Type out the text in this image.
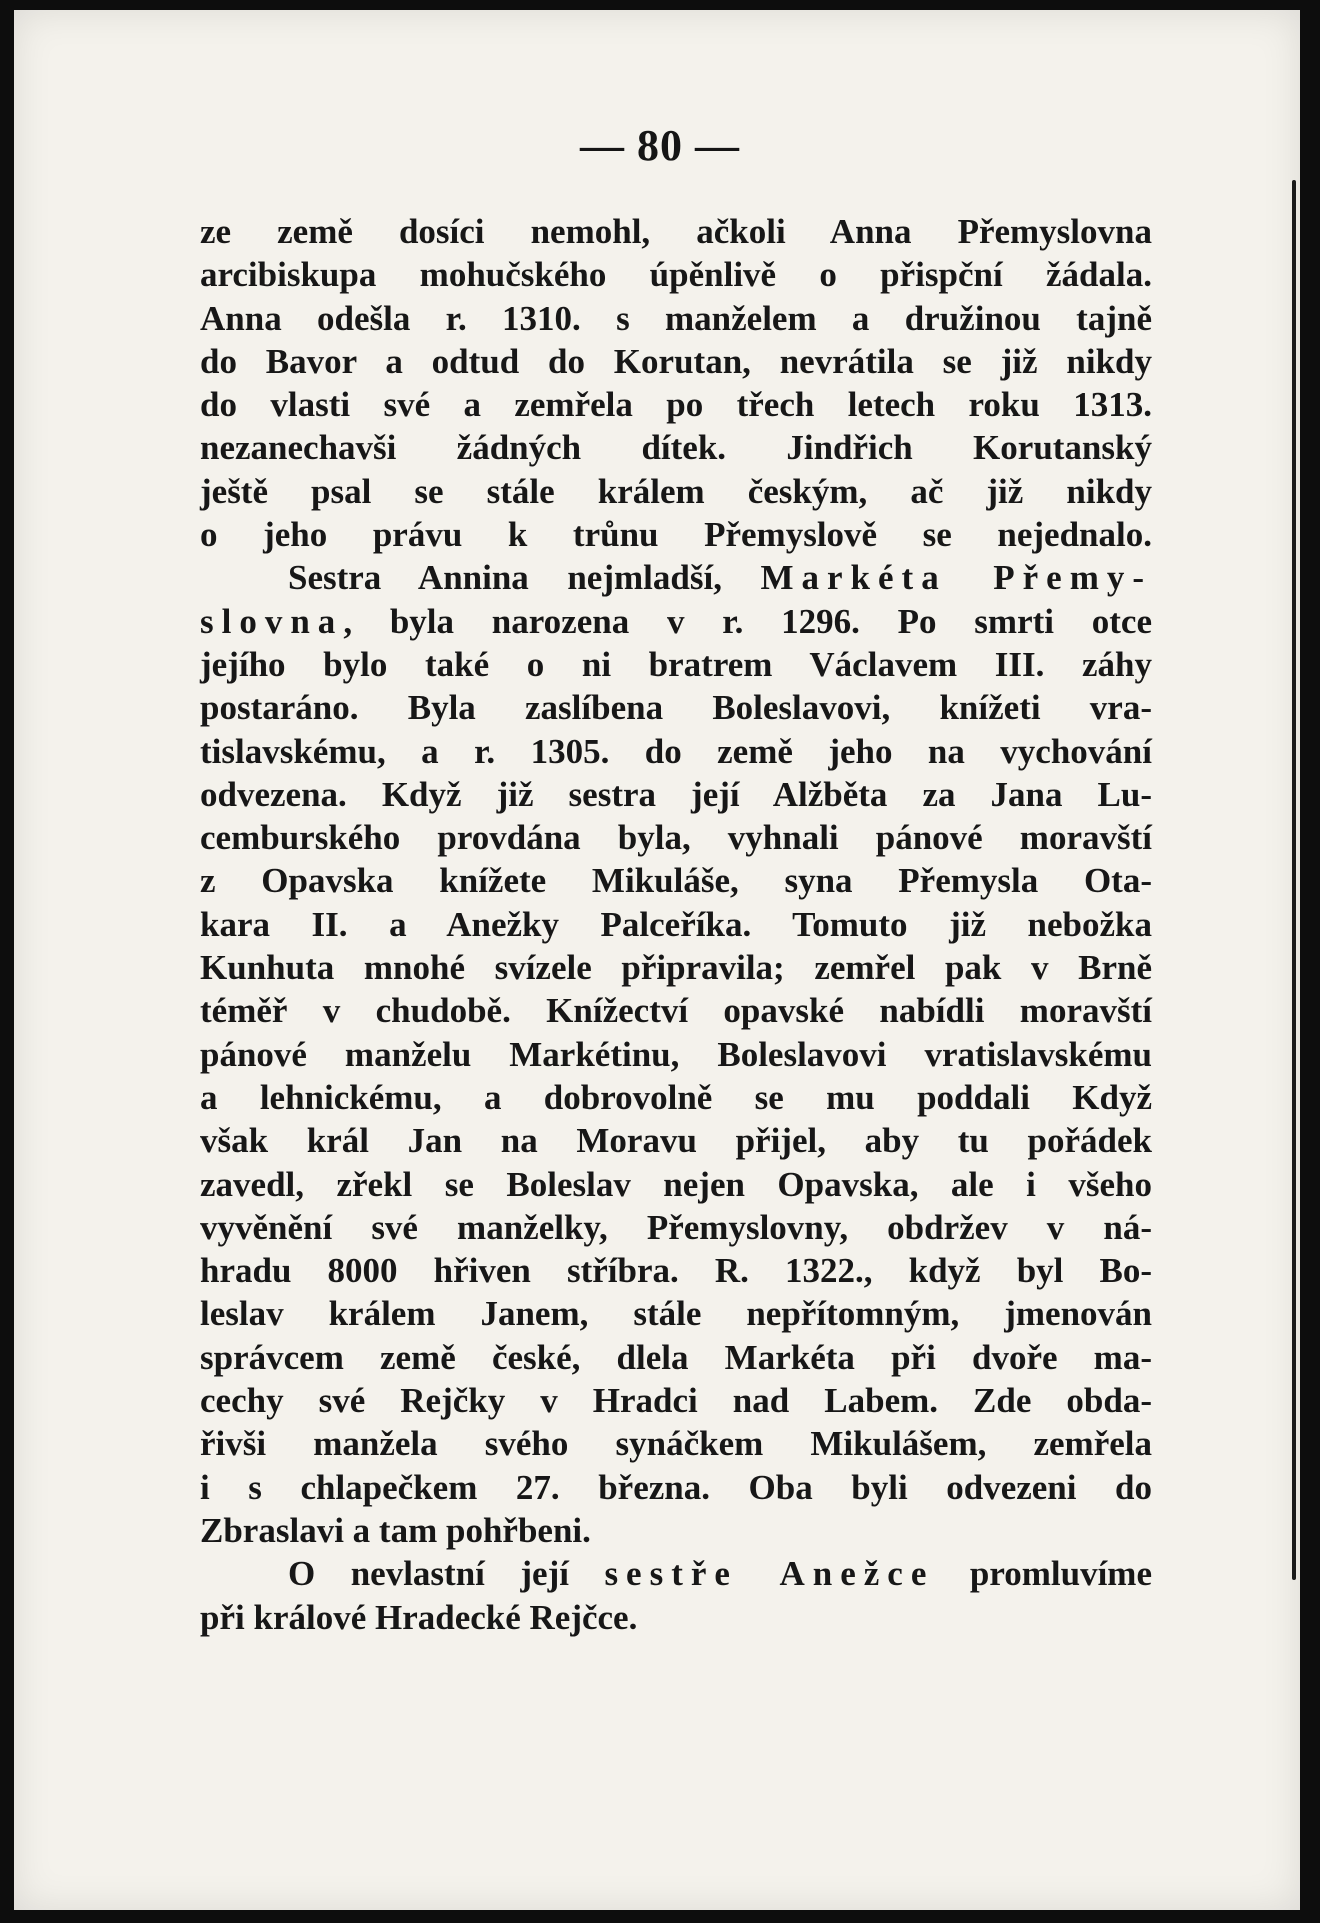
— 80 —
ze země dosíci nemohl, ačkoli Anna Přemyslovna
arcibiskupa mohučského úpěnlivě o přispční žádala.
Anna odešla r. 1310. s manželem a družinou tajně
do Bavor a odtud do Korutan, nevrátila se již nikdy
do vlasti své a zemřela po třech letech roku 1313.
nezanechavši žádných dítek. Jindřich Korutanský
ještě psal se stále králem českým, ač již nikdy
o jeho právu k trůnu Přemyslově se nejednalo.
Sestra Annina nejmladší, Markéta Přemy-
slovna, byla narozena v r. 1296. Po smrti otce
jejího bylo také o ni bratrem Václavem III. záhy
postaráno. Byla zaslíbena Boleslavovi, knížeti vra-
tislavskému, a r. 1305. do země jeho na vychování
odvezena. Když již sestra její Alžběta za Jana Lu-
cemburského provdána byla, vyhnali pánové moravští
z Opavska knížete Mikuláše, syna Přemysla Ota-
kara II. a Anežky Palceříka. Tomuto již nebožka
Kunhuta mnohé svízele připravila; zemřel pak v Brně
téměř v chudobě. Knížectví opavské nabídli moravští
pánové manželu Markétinu, Boleslavovi vratislavskému
a lehnickému, a dobrovolně se mu poddali Když
však král Jan na Moravu přijel, aby tu pořádek
zavedl, zřekl se Boleslav nejen Opavska, ale i všeho
vyvěnění své manželky, Přemyslovny, obdržev v ná-
hradu 8000 hřiven stříbra. R. 1322., když byl Bo-
leslav králem Janem, stále nepřítomným, jmenován
správcem země české, dlela Markéta při dvoře ma-
cechy své Rejčky v Hradci nad Labem. Zde obda-
řivši manžela svého synáčkem Mikulášem, zemřela
i s chlapečkem 27. března. Oba byli odvezeni do
Zbraslavi a tam pohřbeni.
O nevlastní její sestře Anežce promluvíme
při králové Hradecké Rejčce.
